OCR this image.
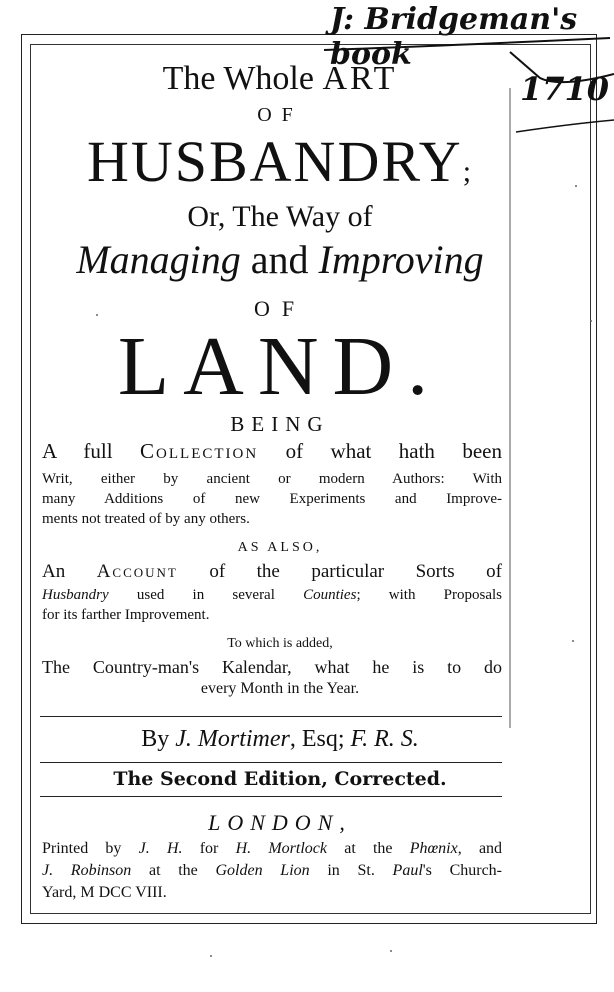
J: Bridgeman's book
1710
The Whole ART
OF
HUSBANDRY;
Or, The Way of
Managing and Improving
OF
LAND.
BEING
A full Collection of what hath been
Writ, either by ancient or modern Authors: With
many Additions of new Experiments and Improve-
ments not treated of by any others.
AS ALSO,
An Account of the particular Sorts of
Husbandry used in several Counties; with Proposals
for its farther Improvement.
To which is added,
The Country-man's Kalendar, what he is to do
every Month in the Year.
By J. Mortimer, Esq; F. R. S.
The Second Edition, Corrected.
LONDON,
Printed by J. H. for H. Mortlock at the Phœnix, and
J. Robinson at the Golden Lion in St. Paul's Church-
Yard, M DCC VIII.
